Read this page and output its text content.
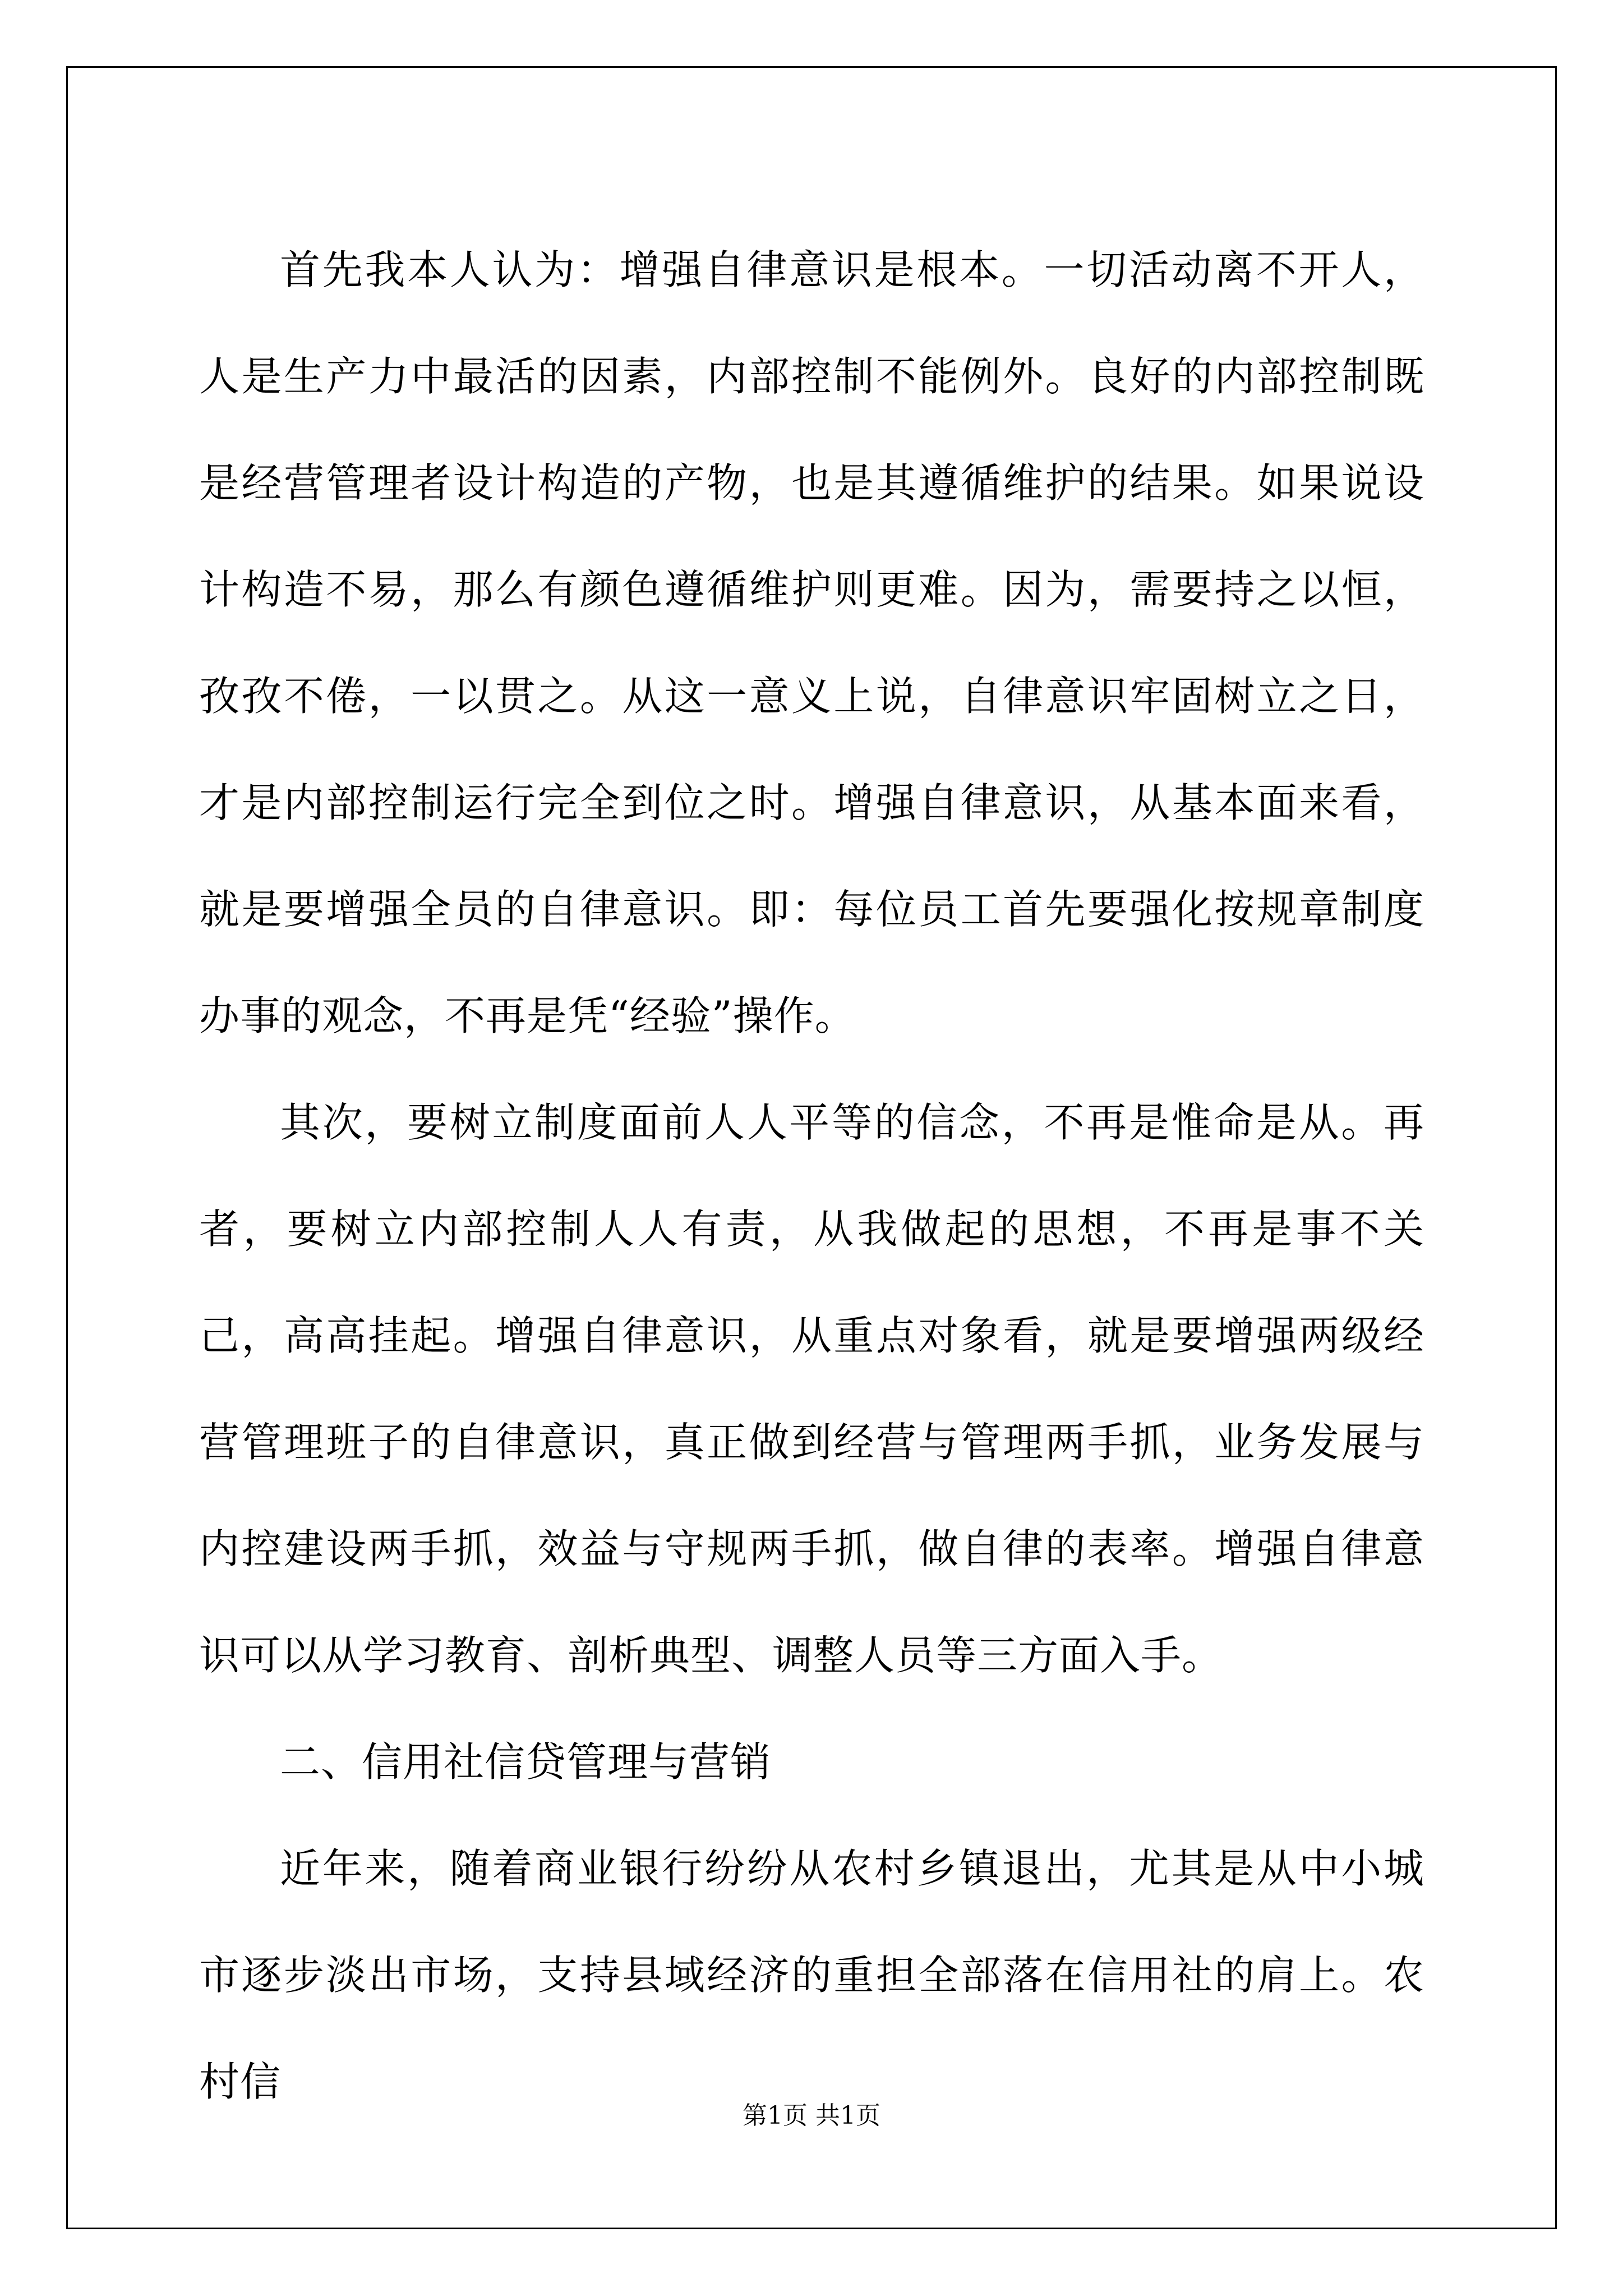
首先我本人认为：增强自律意识是根本。一切活动离不开人，人是生产力中最活的因素，内部控制不能例外。良好的内部控制既是经营管理者设计构造的产物，也是其遵循维护的结果。如果说设计构造不易，那么有颜色遵循维护则更难。因为，需要持之以恒，孜孜不倦，一以贯之。从这一意义上说，自律意识牢固树立之日，才是内部控制运行完全到位之时。增强自律意识，从基本面来看，就是要增强全员的自律意识。即：每位员工首先要强化按规章制度办事的观念，不再是凭“经验”操作。

其次，要树立制度面前人人平等的信念，不再是惟命是从。再者，要树立内部控制人人有责，从我做起的思想，不再是事不关己，高高挂起。增强自律意识，从重点对象看，就是要增强两级经营管理班子的自律意识，真正做到经营与管理两手抓，业务发展与内控建设两手抓，效益与守规两手抓，做自律的表率。增强自律意识可以从学习教育、剖析典型、调整人员等三方面入手。

二、信用社信贷管理与营销

近年来，随着商业银行纷纷从农村乡镇退出，尤其是从中小城市逐步淡出市场，支持县域经济的重担全部落在信用社的肩上。农村信

第1页 共1页
